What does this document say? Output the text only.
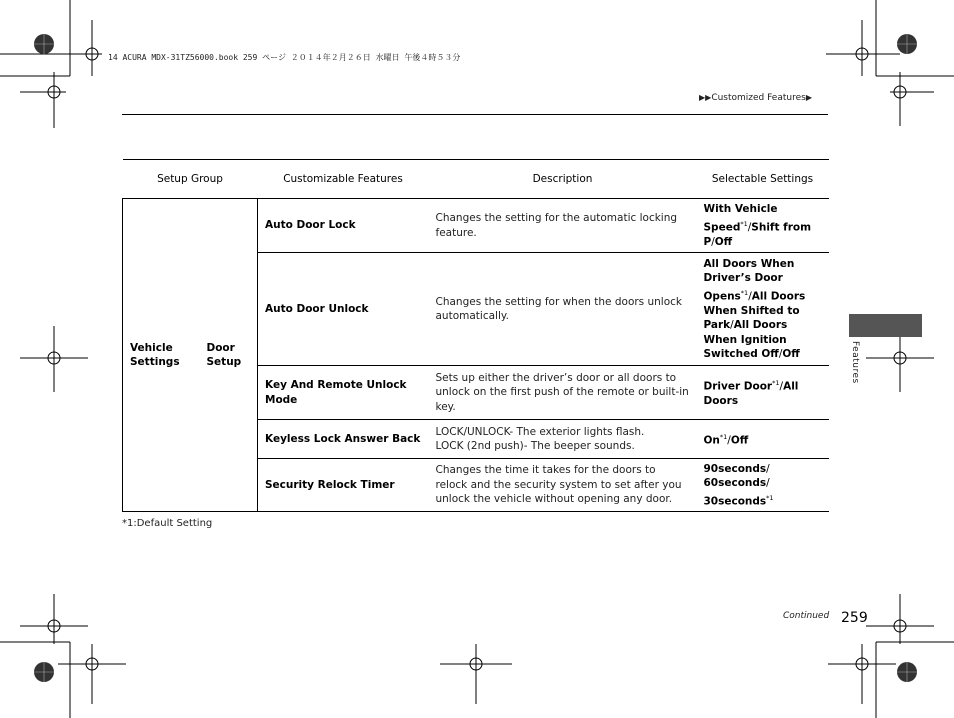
14 ACURA MDX-31TZ56000.book 259 ページ ２０１４年２月２６日 水曜日 午後４時５３分
▶▶Customized Features▶
Features
Setup Group		Customizable Features	Description	Selectable Settings
Vehicle Settings	Door Setup	Auto Door Lock	Changes the setting for the automatic locking feature.	With Vehicle Speed$^{*1}$/Shift from P/Off
		Auto Door Unlock	Changes the setting for when the doors unlock automatically.	All Doors When Driver’s Door Opens$^{*1}$/All Doors When Shifted to Park/All Doors When Ignition Switched Off/Off
		Key And Remote Unlock Mode	Sets up either the driver’s door or all doors to unlock on the first push of the remote or built-in key.	Driver Door$^{*1}$/All Doors
		Keyless Lock Answer Back	LOCK/UNLOCK- The exterior lights flash.
LOCK (2nd push)- The beeper sounds.	On$^{*1}$/Off
		Security Relock Timer	Changes the time it takes for the doors to relock and the security system to set after you unlock the vehicle without opening any door.	90seconds/
60seconds/
30seconds$^{*1}$
*1:Default Setting
Continued 259
